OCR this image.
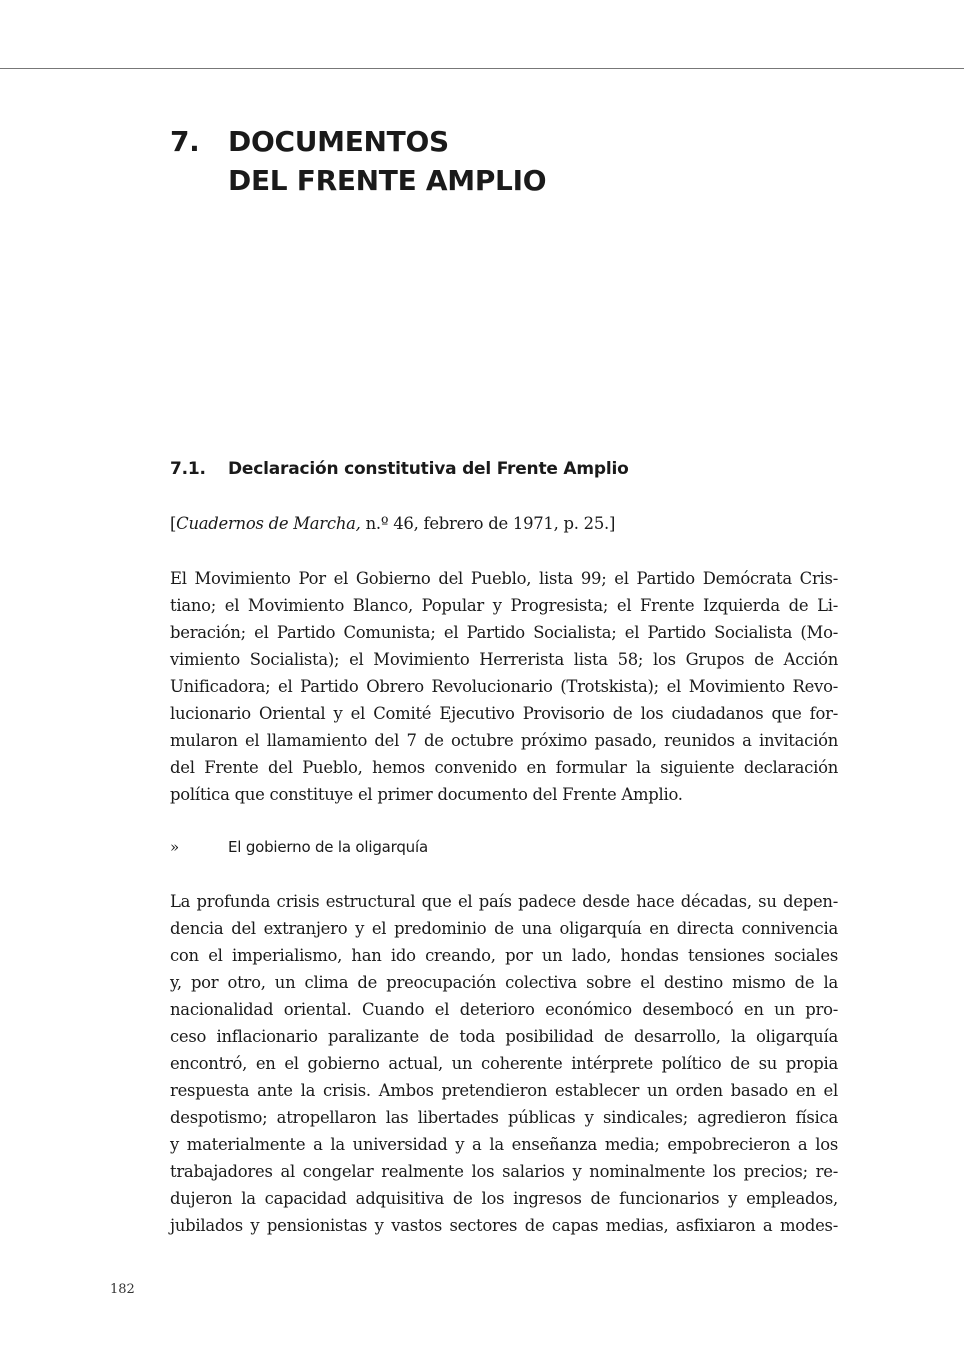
7. DOCUMENTOS
DEL FRENTE AMPLIO
7.1. Declaración constitutiva del Frente Amplio
[Cuadernos de Marcha, n.º 46, febrero de 1971, p. 25.]
El Movimiento Por el Gobierno del Pueblo, lista 99; el Partido Demócrata Cris-
tiano; el Movimiento Blanco, Popular y Progresista; el Frente Izquierda de Li-
beración; el Partido Comunista; el Partido Socialista; el Partido Socialista (Mo-
vimiento Socialista); el Movimiento Herrerista lista 58; los Grupos de Acción
Unificadora; el Partido Obrero Revolucionario (Trotskista); el Movimiento Revo-
lucionario Oriental y el Comité Ejecutivo Provisorio de los ciudadanos que for-
mularon el llamamiento del 7 de octubre próximo pasado, reunidos a invitación
del Frente del Pueblo, hemos convenido en formular la siguiente declaración
política que constituye el primer documento del Frente Amplio.
»	El gobierno de la oligarquía
La profunda crisis estructural que el país padece desde hace décadas, su depen-
dencia del extranjero y el predominio de una oligarquía en directa connivencia
con el imperialismo, han ido creando, por un lado, hondas tensiones sociales
y, por otro, un clima de preocupación colectiva sobre el destino mismo de la
nacionalidad oriental. Cuando el deterioro económico desembocó en un pro-
ceso inflacionario paralizante de toda posibilidad de desarrollo, la oligarquía
encontró, en el gobierno actual, un coherente intérprete político de su propia
respuesta ante la crisis. Ambos pretendieron establecer un orden basado en el
despotismo; atropellaron las libertades públicas y sindicales; agredieron física
y materialmente a la universidad y a la enseñanza media; empobrecieron a los
trabajadores al congelar realmente los salarios y nominalmente los precios; re-
dujeron la capacidad adquisitiva de los ingresos de funcionarios y empleados,
jubilados y pensionistas y vastos sectores de capas medias, asfixiaron a modes-
182
